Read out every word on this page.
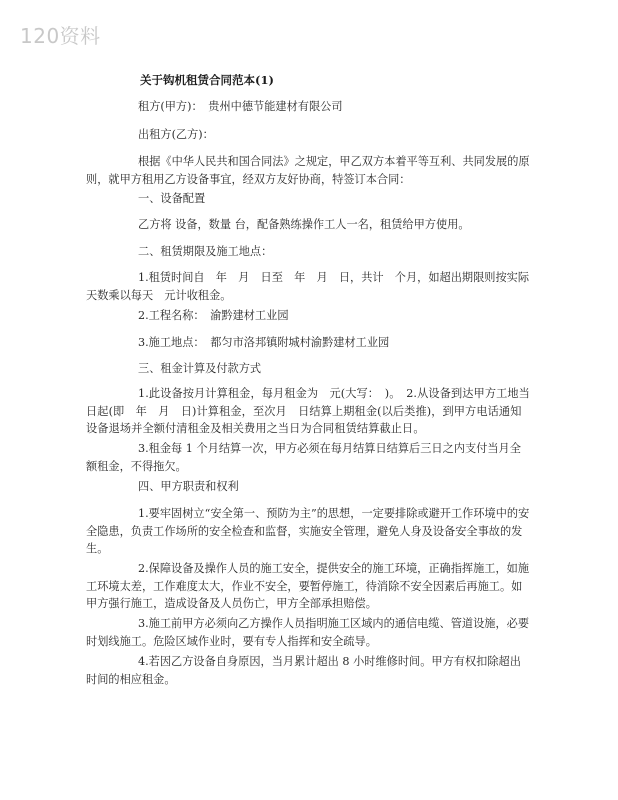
120资料
关于钩机租赁合同范本(1)
租方(甲方)：　贵州中德节能建材有限公司
出租方(乙方)：
根据《中华人民共和国合同法》之规定，甲乙双方本着平等互利、共同发展的原则，就甲方租用乙方设备事宜，经双方友好协商，特签订本合同：
一、设备配置
乙方将 设备，数量 台，配备熟练操作工人一名，租赁给甲方使用。
二、租赁期限及施工地点：
1.租赁时间自　年　月　日至　年　月　日，共计　个月，如超出期限则按实际天数乘以每天　元计收租金。
2.工程名称：　渝黔建材工业园
3.施工地点：　都匀市洛邦镇附城村渝黔建材工业园
三、租金计算及付款方式
1.此设备按月计算租金，每月租金为　元(大写：　)。　2.从设备到达甲方工地当日起(即　年　月　日)计算租金，至次月　日结算上期租金(以后类推)，到甲方电话通知设备退场并全额付清租金及相关费用之当日为合同租赁结算截止日。
3.租金每 1 个月结算一次，甲方必须在每月结算日结算后三日之内支付当月全额租金，不得拖欠。
四、甲方职责和权利
1.要牢固树立“安全第一、预防为主”的思想，一定要排除或避开工作环境中的安全隐患，负责工作场所的安全检查和监督，实施安全管理，避免人身及设备安全事故的发生。
2.保障设备及操作人员的施工安全，提供安全的施工环境，正确指挥施工，如施工环境太差，工作难度太大，作业不安全，要暂停施工，待消除不安全因素后再施工。如甲方强行施工，造成设备及人员伤亡，甲方全部承担赔偿。
3.施工前甲方必须向乙方操作人员指明施工区域内的通信电缆、管道设施，必要时划线施工。危险区域作业时，要有专人指挥和安全疏导。
4.若因乙方设备自身原因，当月累计超出 8 小时维修时间。甲方有权扣除超出时间的相应租金。
